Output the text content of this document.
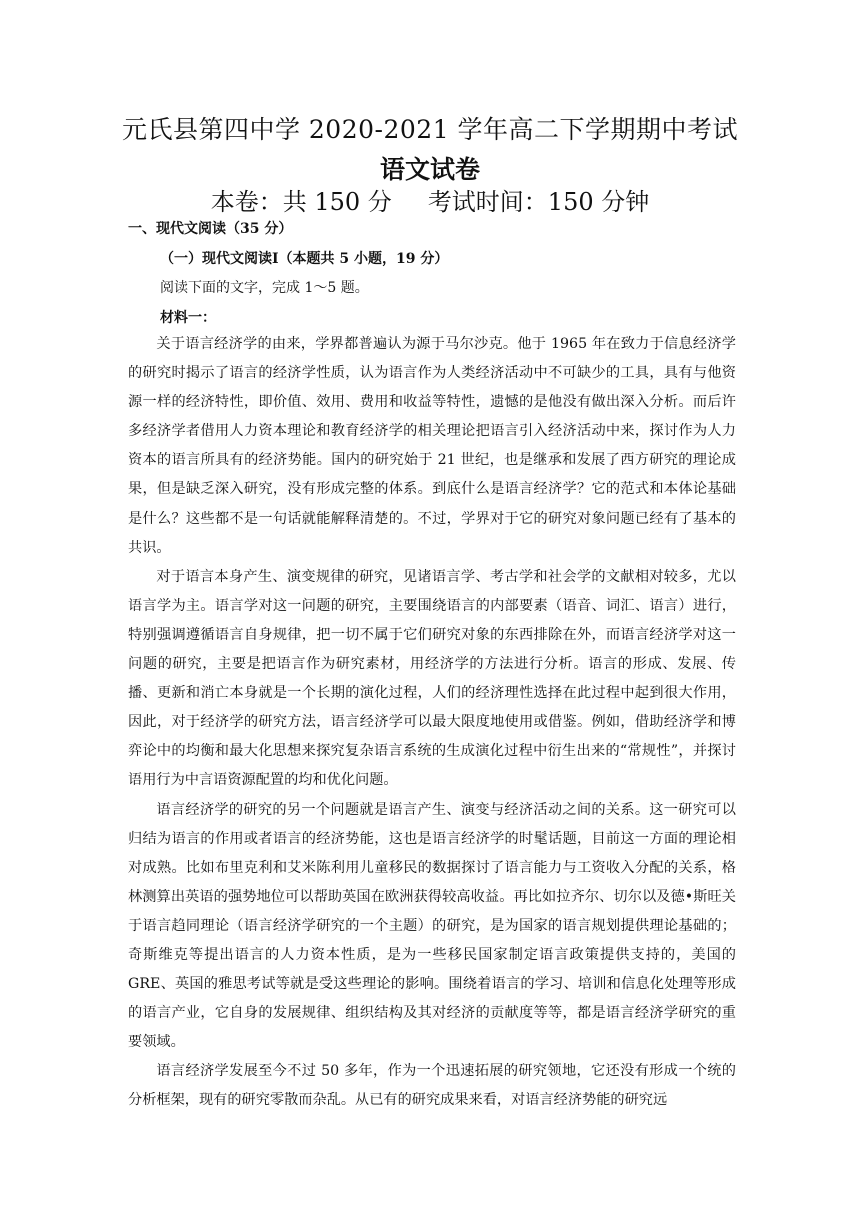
元氏县第四中学 2020-2021 学年高二下学期期中考试
语文试卷
本卷：共 150 分 考试时间：150 分钟
一、现代文阅读（35 分）
（一）现代文阅读Ⅰ（本题共 5 小题，19 分）
阅读下面的文字，完成 1～5 题。
材料一：

关于语言经济学的由来，学界都普遍认为源于马尔沙克。他于 1965 年在致力于信息经济学的研究时揭示了语言的经济学性质，认为语言作为人类经济活动中不可缺少的工具，具有与他资源一样的经济特性，即价值、效用、费用和收益等特性，遗憾的是他没有做出深入分析。而后许多经济学者借用人力资本理论和教育经济学的相关理论把语言引入经济活动中来，探讨作为人力资本的语言所具有的经济势能。国内的研究始于 21 世纪，也是继承和发展了西方研究的理论成果，但是缺乏深入研究，没有形成完整的体系。到底什么是语言经济学？它的范式和本体论基础是什么？这些都不是一句话就能解释清楚的。不过，学界对于它的研究对象问题已经有了基本的共识。

对于语言本身产生、演变规律的研究，见诸语言学、考古学和社会学的文献相对较多，尤以语言学为主。语言学对这一问题的研究，主要围绕语言的内部要素（语音、词汇、语言）进行，特别强调遵循语言自身规律，把一切不属于它们研究对象的东西排除在外，而语言经济学对这一问题的研究，主要是把语言作为研究素材，用经济学的方法进行分析。语言的形成、发展、传播、更新和消亡本身就是一个长期的演化过程，人们的经济理性选择在此过程中起到很大作用，因此，对于经济学的研究方法，语言经济学可以最大限度地使用或借鉴。例如，借助经济学和博弈论中的均衡和最大化思想来探究复杂语言系统的生成演化过程中衍生出来的“常规性”，并探讨语用行为中言语资源配置的均和优化问题。

语言经济学的研究的另一个问题就是语言产生、演变与经济活动之间的关系。这一研究可以归结为语言的作用或者语言的经济势能，这也是语言经济学的时髦话题，目前这一方面的理论相对成熟。比如布里克利和艾米陈利用儿童移民的数据探讨了语言能力与工资收入分配的关系，格林测算出英语的强势地位可以帮助英国在欧洲获得较高收益。再比如拉齐尔、切尔以及德•斯旺关于语言趋同理论（语言经济学研究的一个主题）的研究，是为国家的语言规划提供理论基础的；奇斯维克等提出语言的人力资本性质，是为一些移民国家制定语言政策提供支持的，美国的 GRE、英国的雅思考试等就是受这些理论的影响。围绕着语言的学习、培训和信息化处理等形成的语言产业，它自身的发展规律、组织结构及其对经济的贡献度等等，都是语言经济学研究的重要领域。

语言经济学发展至今不过 50 多年，作为一个迅速拓展的研究领地，它还没有形成一个统的分析框架，现有的研究零散而杂乱。从已有的研究成果来看，对语言经济势能的研究远
